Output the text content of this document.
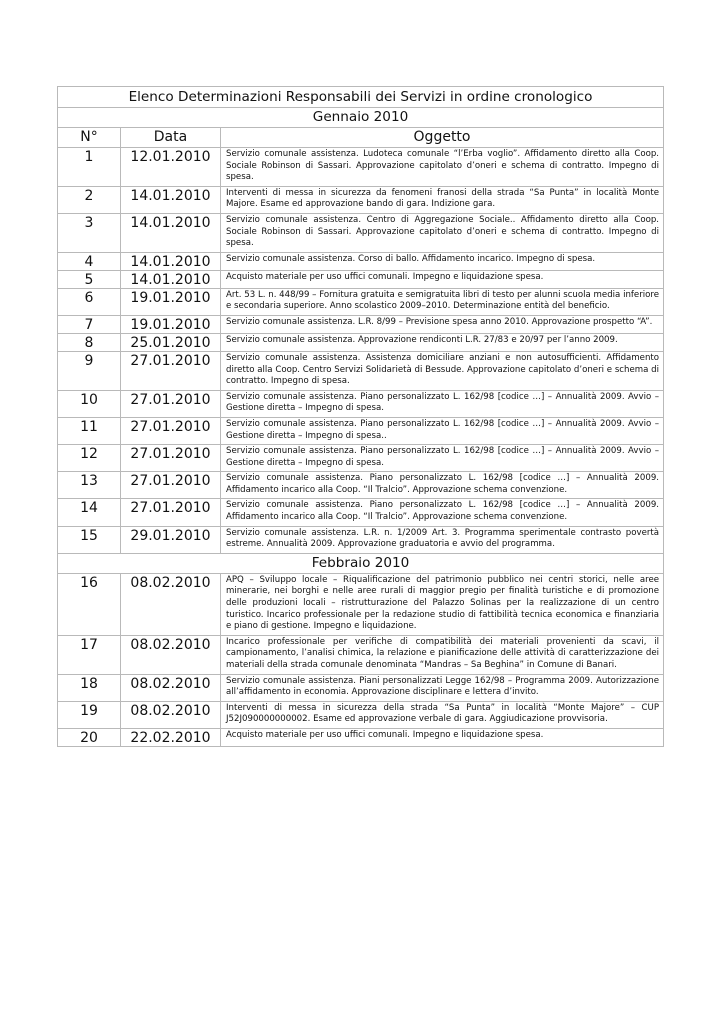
Elenco Determinazioni Responsabili dei Servizi in ordine cronologico		
Gennaio 2010		
N°	Data	Oggetto
1	12.01.2010	Servizio comunale assistenza. Ludoteca comunale “l’Erba voglio”. Affidamento diretto alla Coop. Sociale Robinson di Sassari. Approvazione capitolato d’oneri e schema di contratto. Impegno di spesa.
2	14.01.2010	Interventi di messa in sicurezza da fenomeni franosi della strada “Sa Punta” in località Monte Majore. Esame ed approvazione bando di gara. Indizione gara.
3	14.01.2010	Servizio comunale assistenza. Centro di Aggregazione Sociale.. Affidamento diretto alla Coop. Sociale Robinson di Sassari. Approvazione capitolato d’oneri e schema di contratto. Impegno di spesa.
4	14.01.2010	Servizio comunale assistenza. Corso di ballo. Affidamento incarico. Impegno di spesa.
5	14.01.2010	Acquisto materiale per uso uffici comunali. Impegno e liquidazione spesa.
6	19.01.2010	Art. 53 L. n. 448/99 – Fornitura gratuita e semigratuita libri di testo per alunni scuola media inferiore e secondaria superiore. Anno scolastico 2009–2010. Determinazione entità del beneficio.
7	19.01.2010	Servizio comunale assistenza. L.R. 8/99 – Previsione spesa anno 2010. Approvazione prospetto “A”.
8	25.01.2010	Servizio comunale assistenza. Approvazione rendiconti L.R. 27/83 e 20/97 per l’anno 2009.
9	27.01.2010	Servizio comunale assistenza. Assistenza domiciliare anziani e non autosufficienti. Affidamento diretto alla Coop. Centro Servizi Solidarietà di Bessude. Approvazione capitolato d’oneri e schema di contratto. Impegno di spesa.
10	27.01.2010	Servizio comunale assistenza. Piano personalizzato L. 162/98 [codice …] – Annualità 2009. Avvio – Gestione diretta – Impegno di spesa.
11	27.01.2010	Servizio comunale assistenza. Piano personalizzato L. 162/98 [codice …] – Annualità 2009. Avvio – Gestione diretta – Impegno di spesa..
12	27.01.2010	Servizio comunale assistenza. Piano personalizzato L. 162/98 [codice …] – Annualità 2009. Avvio – Gestione diretta – Impegno di spesa.
13	27.01.2010	Servizio comunale assistenza. Piano personalizzato L. 162/98 [codice …] – Annualità 2009. Affidamento incarico alla Coop. “Il Tralcio”. Approvazione schema convenzione.
14	27.01.2010	Servizio comunale assistenza. Piano personalizzato L. 162/98 [codice …] – Annualità 2009. Affidamento incarico alla Coop. “Il Tralcio”. Approvazione schema convenzione.
15	29.01.2010	Servizio comunale assistenza. L.R. n. 1/2009 Art. 3. Programma sperimentale contrasto povertà estreme. Annualità 2009. Approvazione graduatoria e avvio del programma.
Febbraio 2010		
16	08.02.2010	APQ – Sviluppo locale – Riqualificazione del patrimonio pubblico nei centri storici, nelle aree minerarie, nei borghi e nelle aree rurali di maggior pregio per finalità turistiche e di promozione delle produzioni locali – ristrutturazione del Palazzo Solinas per la realizzazione di un centro turistico. Incarico professionale per la redazione studio di fattibilità tecnica economica e finanziaria e piano di gestione. Impegno e liquidazione.
17	08.02.2010	Incarico professionale per verifiche di compatibilità dei materiali provenienti da scavi, il campionamento, l’analisi chimica, la relazione e pianificazione delle attività di caratterizzazione dei materiali della strada comunale denominata “Mandras – Sa Beghina” in Comune di Banari.
18	08.02.2010	Servizio comunale assistenza. Piani personalizzati Legge 162/98 – Programma 2009. Autorizzazione all’affidamento in economia. Approvazione disciplinare e lettera d’invito.
19	08.02.2010	Interventi di messa in sicurezza della strada “Sa Punta” in località “Monte Majore” – CUP J52J090000000002. Esame ed approvazione verbale di gara. Aggiudicazione provvisoria.
20	22.02.2010	Acquisto materiale per uso uffici comunali. Impegno e liquidazione spesa.
